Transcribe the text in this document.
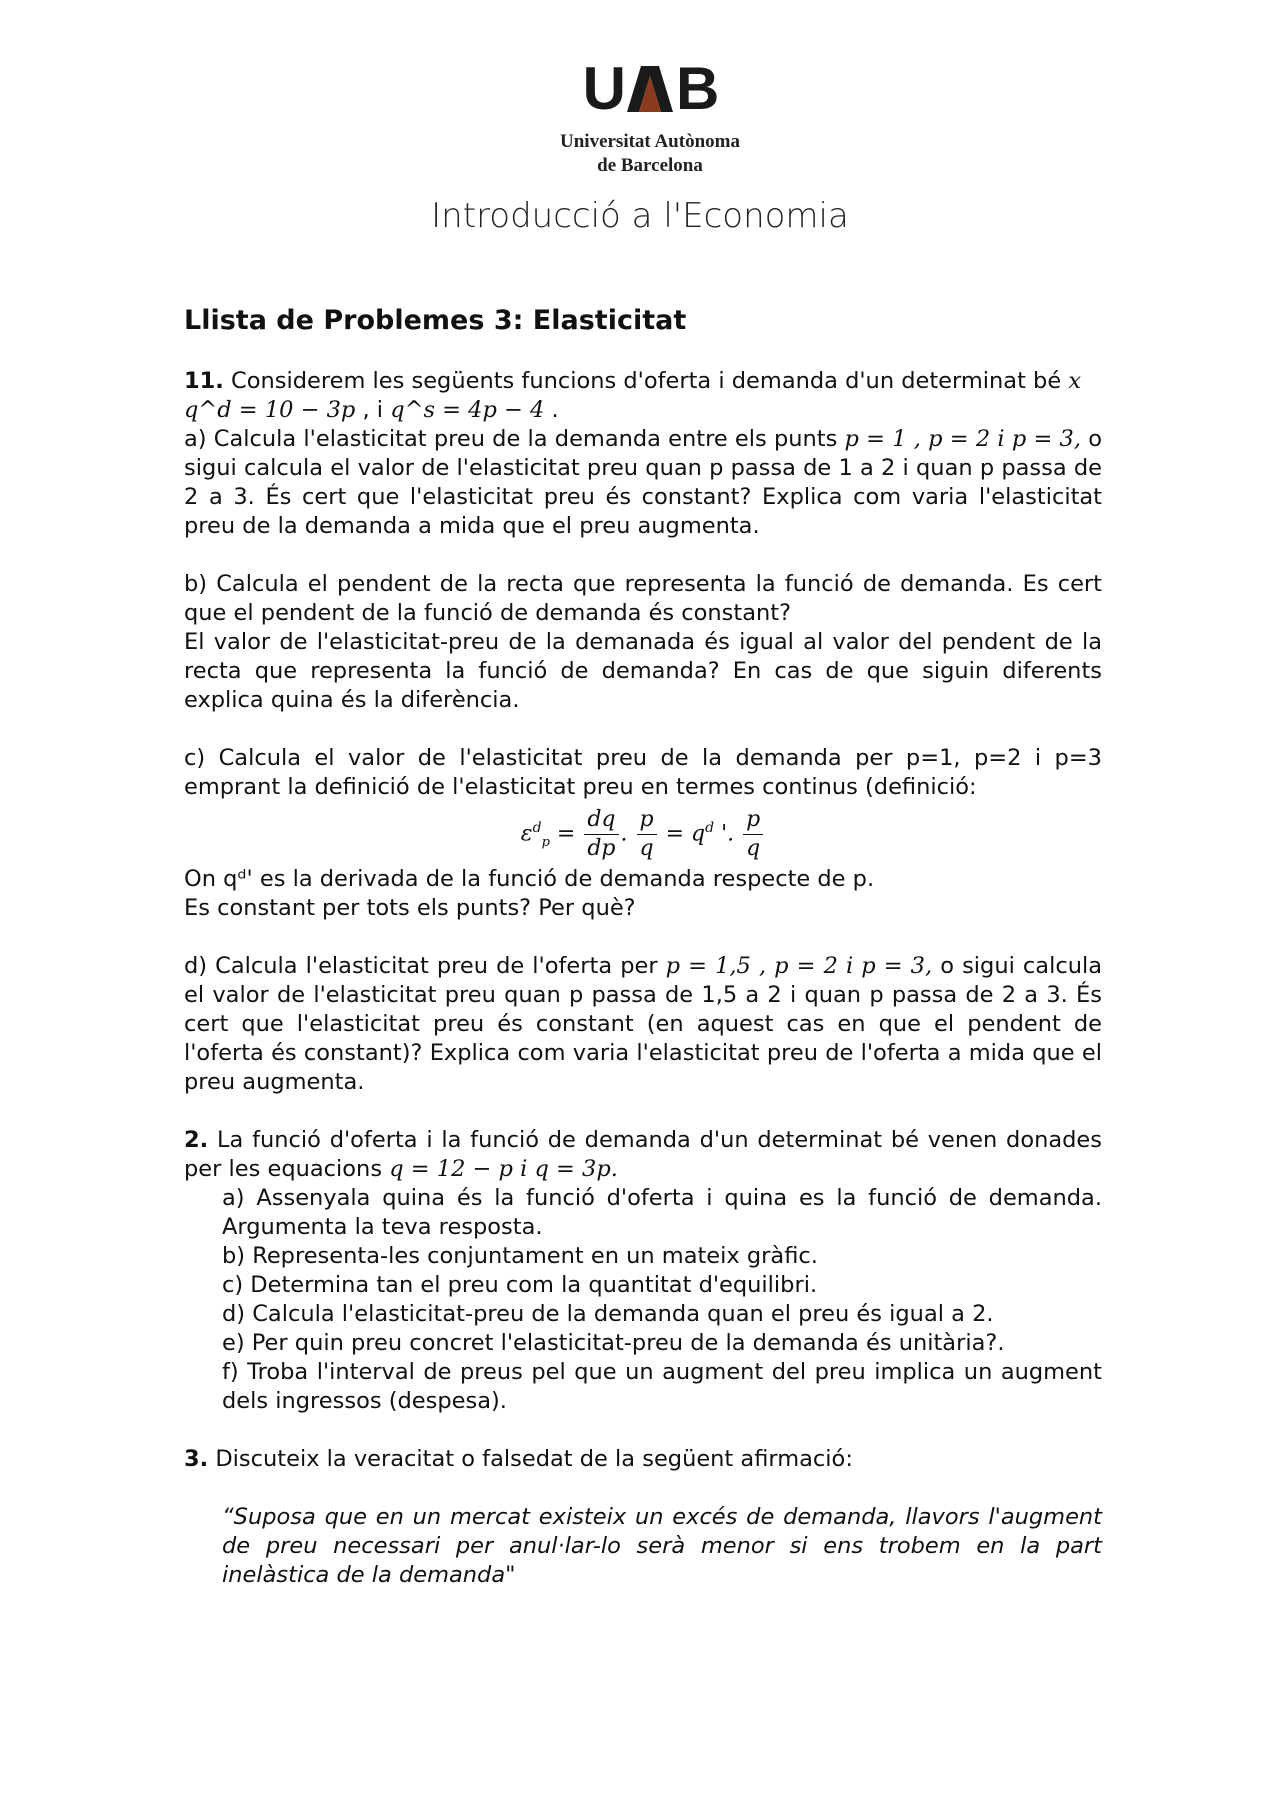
U B
Universitat Autònoma
de Barcelona
Introducció a l'Economia
Llista de Problemes 3: Elasticitat

11. Considerem les següents funcions d'oferta i demanda d'un determinat bé x

q^d = 10 − 3p , i q^s = 4p − 4 .

a) Calcula l'elasticitat preu de la demanda entre els punts p = 1 , p = 2 i p = 3, o sigui calcula el valor de l'elasticitat preu quan p passa de 1 a 2 i quan p passa de 2 a 3. És cert que l'elasticitat preu és constant? Explica com varia l'elasticitat preu de la demanda a mida que el preu augmenta.

b) Calcula el pendent de la recta que representa la funció de demanda. Es cert que el pendent de la funció de demanda és constant?

El valor de l'elasticitat-preu de la demanada és igual al valor del pendent de la recta que representa la funció de demanda? En cas de que siguin diferents explica quina és la diferència.

c) Calcula el valor de l'elasticitat preu de la demanda per p=1, p=2 i p=3 emprant la definició de l'elasticitat preu en termes continus (definició:

$\varepsilon^d_p = \frac{dq}{dp}$ . $\frac{p}{q} = q^d$ '. $\frac{p}{q}$

On qᵈ' es la derivada de la funció de demanda respecte de p.

Es constant per tots els punts? Per què?

d) Calcula l'elasticitat preu de l'oferta per p = 1,5 , p = 2 i p = 3, o sigui calcula el valor de l'elasticitat preu quan p passa de 1,5 a 2 i quan p passa de 2 a 3. És cert que l'elasticitat preu és constant (en aquest cas en que el pendent de l'oferta és constant)? Explica com varia l'elasticitat preu de l'oferta a mida que el preu augmenta.

2. La funció d'oferta i la funció de demanda d'un determinat bé venen donades per les equacions q = 12 − p i q = 3p.

a) Assenyala quina és la funció d'oferta i quina es la funció de demanda. Argumenta la teva resposta.

b) Representa-les conjuntament en un mateix gràfic.

c) Determina tan el preu com la quantitat d'equilibri.

d) Calcula l'elasticitat-preu de la demanda quan el preu és igual a 2.

e) Per quin preu concret l'elasticitat-preu de la demanda és unitària?.

f) Troba l'interval de preus pel que un augment del preu implica un augment dels ingressos (despesa).

3. Discuteix la veracitat o falsedat de la següent afirmació:

“Suposa que en un mercat existeix un excés de demanda, llavors l'augment de preu necessari per anul·lar-lo serà menor si ens trobem en la part inelàstica de la demanda"
